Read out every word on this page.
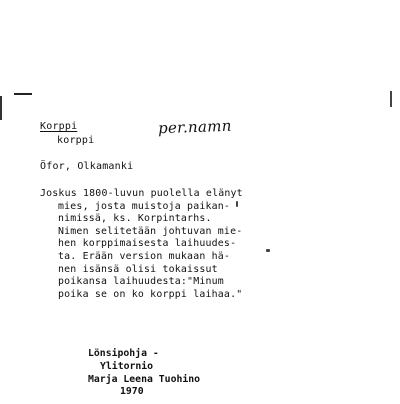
Korppi
korppi
per.namn
Öfor, Olkamanki
Joskus 1800-luvun puolella elänyt
mies, josta muistoja paikan-
nimissä, ks. Korpintarhs.
Nimen selitetään johtuvan mie-
hen korppimaisesta laihuudes-
ta. Erään version mukaan hä-
nen isänsä olisi tokaissut
poikansa laihuudesta:"Minum
poika se on ko korppi laihaa."
Lönsipohja -
Ylitornio
Marja Leena Tuohino
1970
